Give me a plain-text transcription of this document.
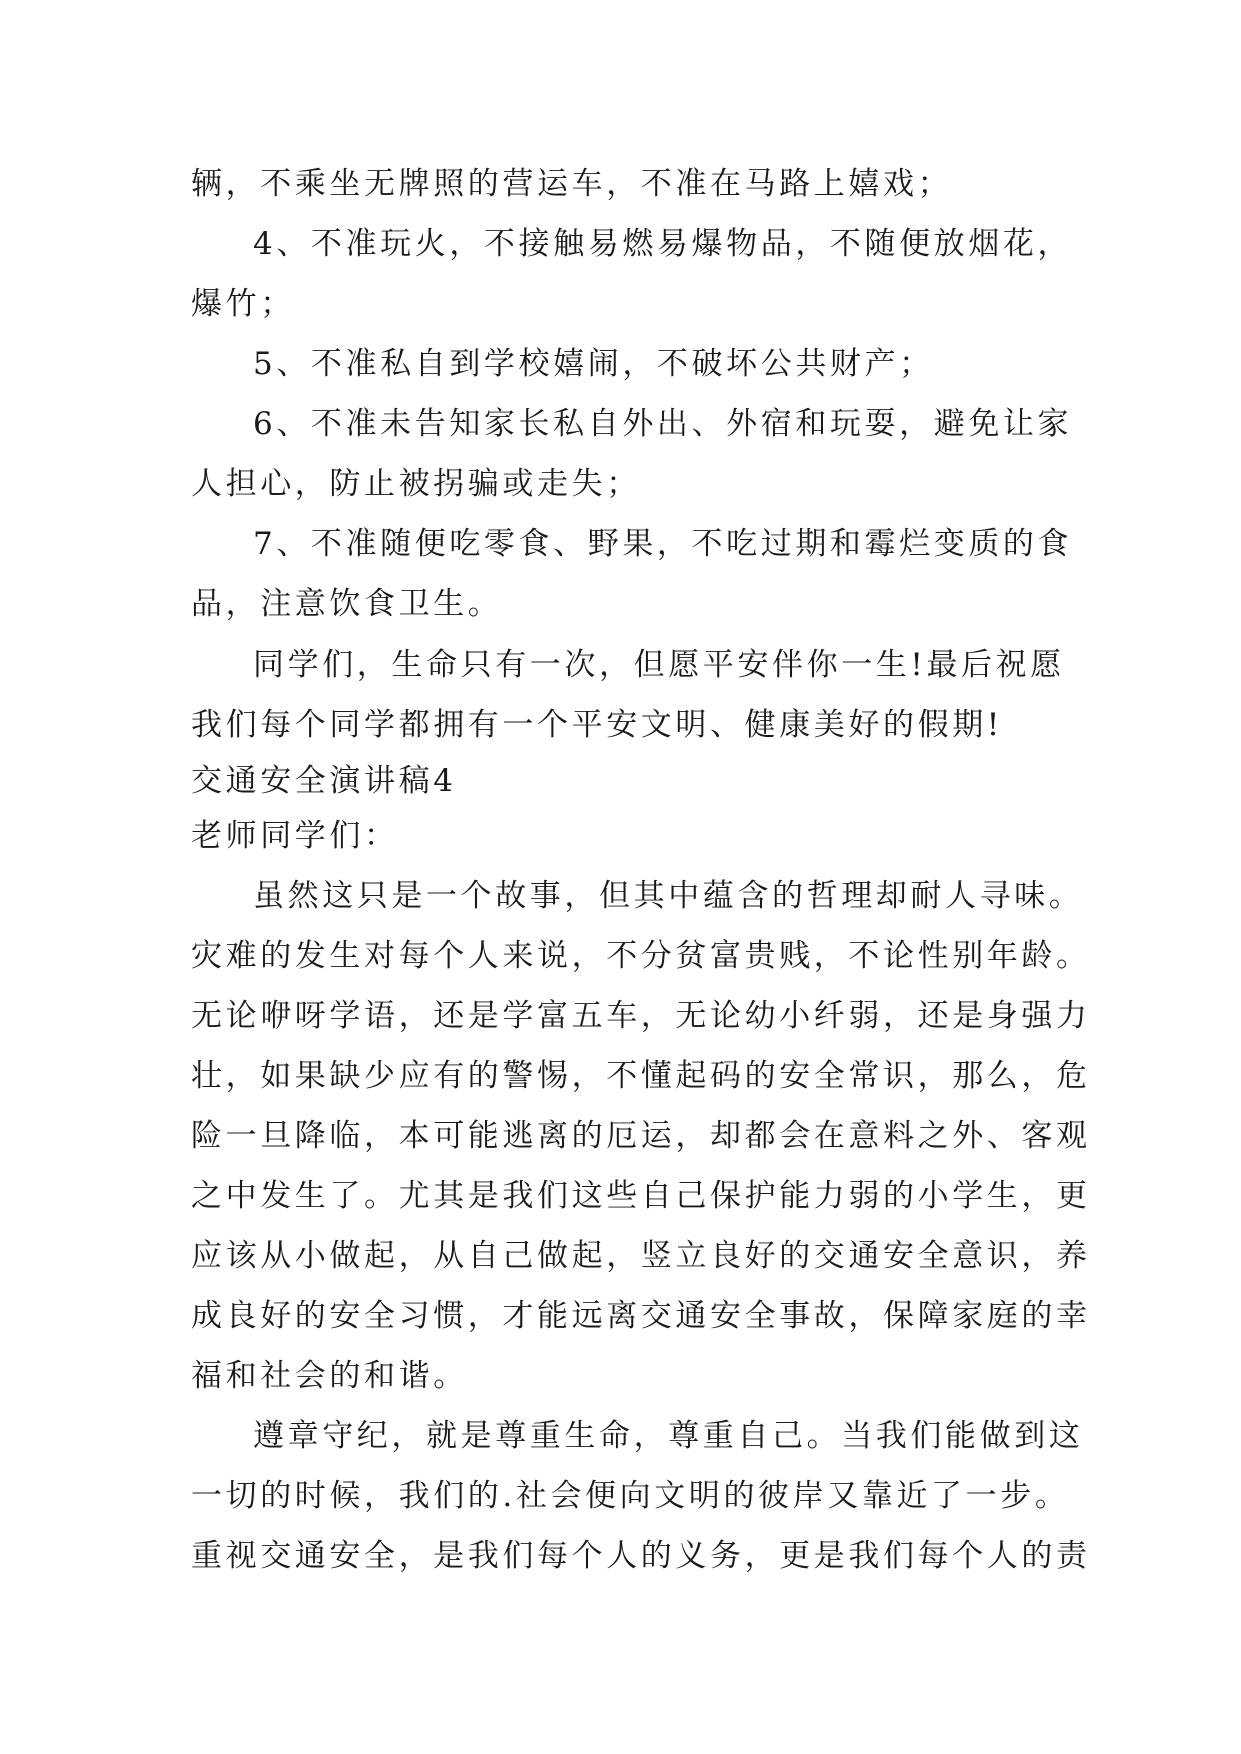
辆，不乘坐无牌照的营运车，不准在马路上嬉戏；

4、不准玩火，不接触易燃易爆物品，不随便放烟花，

爆竹；

5、不准私自到学校嬉闹，不破坏公共财产；

6、不准未告知家长私自外出、外宿和玩耍，避免让家

人担心，防止被拐骗或走失；

7、不准随便吃零食、野果，不吃过期和霉烂变质的食

品，注意饮食卫生。

同学们，生命只有一次，但愿平安伴你一生!最后祝愿

我们每个同学都拥有一个平安文明、健康美好的假期!

交通安全演讲稿4

老师同学们：

虽然这只是一个故事，但其中蕴含的哲理却耐人寻味。

灾难的发生对每个人来说，不分贫富贵贱，不论性别年龄。

无论咿呀学语，还是学富五车，无论幼小纤弱，还是身强力

壮，如果缺少应有的警惕，不懂起码的安全常识，那么，危

险一旦降临，本可能逃离的厄运，却都会在意料之外、客观

之中发生了。尤其是我们这些自己保护能力弱的小学生，更

应该从小做起，从自己做起，竖立良好的交通安全意识，养

成良好的安全习惯，才能远离交通安全事故，保障家庭的幸

福和社会的和谐。

遵章守纪，就是尊重生命，尊重自己。当我们能做到这

一切的时候，我们的.社会便向文明的彼岸又靠近了一步。

重视交通安全，是我们每个人的义务，更是我们每个人的责
